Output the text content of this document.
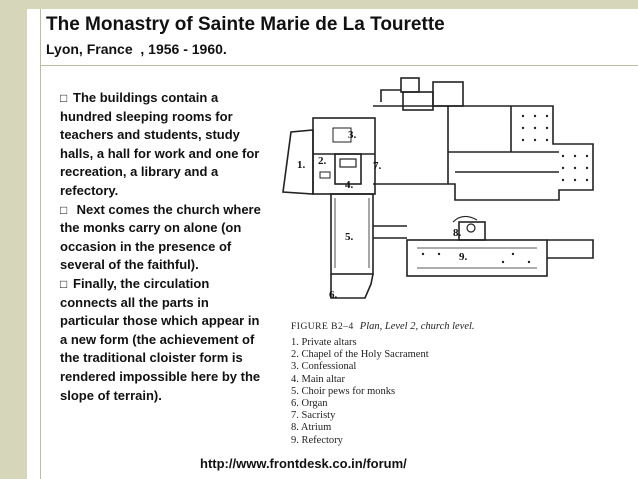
The Monastry of Sainte Marie de La Tourette
Lyon, France  , 1956 - 1960.

□ The buildings contain a hundred sleeping rooms for teachers and students, study halls, a hall for work and one for recreation, a library and a refectory.

□ Next comes the church where the monks carry on alone (on occasion in the presence of several of the faithful).

□ Finally, the circulation connects all the parts in particular those which appear in a new form (the achievement of the traditional cloister form is rendered impossible here by the slope of terrain).

1. 2.
3.
4.
5.
6.
7.
8.
9.
FIGURE B2–4 Plan, Level 2, church level.
1. Private altars
2. Chapel of the Holy Sacrament
3. Confessional
4. Main altar
5. Choir pews for monks
6. Organ
7. Sacristy
8. Atrium
9. Refectory
http://www.frontdesk.co.in/forum/
